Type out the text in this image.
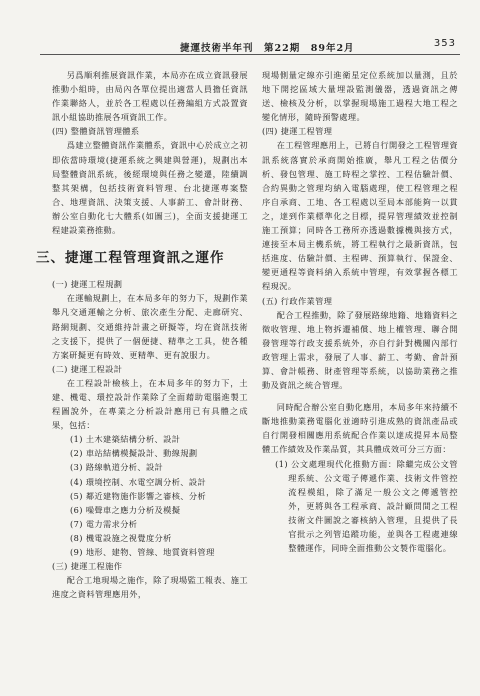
捷運技術半年刊　第22期　89年2月	353

另爲順利推展資訊作業，本局亦在成立資訊發展推動小組時，由局內各單位提出適當人員擔任資訊作業聯絡人，並於各工程處以任務編組方式設置資訊小組協助推展各項資訊工作。

(四) 整體資訊管理體系

爲建立整體資訊作業體系，資訊中心於成立之初即依當時環境(捷運系統之興建與營運)，規劃出本局整體資訊系統，後經環境與任務之變遷，陸續調整其架構，包括技術資料管理、台北捷運專案整合、地理資訊、決策支援、人事薪工、會計財務、辦公室自動化七大體系(如圖三)，全面支援捷運工程建設業務推動。

三、捷運工程管理資訊之運作

(一) 捷運工程規劃

在運輸規劃上，在本局多年的努力下，規劃作業舉凡交通運輸之分析、旅次產生分配、走廊研究、路網規劃、交通維持計畫之研擬等，均在資訊技術之支援下，提供了一個便捷、精準之工具，使各種方案研擬更有時效、更精準、更有說服力。

(二) 捷運工程設計

在工程設計檢核上，在本局多年的努力下，土建、機電、環控設計作業除了全面藉助電腦進製工程圖說外，在專業之分析設計應用已有具體之成果，包括：

(1) 土木建築結構分析、設計

(2) 車站結構模擬設計、動線規劃

(3) 路線軌道分析、設計

(4) 環境控制、水電空調分析、設計

(5) 鄰近建物施作影響之審核、分析

(6) 噪聲車之應力分析及模擬

(7) 電力需求分析

(8) 機電設施之視覺度分析

(9) 地形、建物、管線、地質資料管理

(三) 捷運工程施作

配合工地現場之施作，除了現場監工報表、施工進度之資料管理應用外，

現場側量定線亦引進衛星定位系統加以量測，且於地下開挖區域大量埋設監測儀器，透過資訊之傳送、檢核及分析，以掌握現場施工過程大地工程之變化情形，隨時預警處理。

(四) 捷運工程管理

在工程管理應用上，已將自行開發之工程管理資訊系統落實於承商開始推廣，舉凡工程之估價分析、發包管理、施工時程之掌控、工程估驗計價、合約異動之管理均納入電腦處理，使工程管理之程序自承商、工地、各工程處以至局本部能夠一以貫之，達到作業標準化之目標，提昇管理績效並控制施工預算；同時各工務所亦透過數據機與接方式，連接至本局主機系統，將工程執行之最新資訊，包括進度、估驗計價、主程碑、預算執行、保證金、變更通程等資料納入系統中管理，有效掌握各標工程現況。

(五) 行政作業管理

配合工程推動，除了發展路線地籍、地籍資料之徵收管理、地上物拆遷補償、地上權管理、聯合開發管理等行政支援系統外，亦自行針對機關內部行政管理上需求，發展了人事、薪工、考勤、會計預算、會計帳務、財產管理等系統，以協助業務之推動及資訊之統合管理。

同時配合辦公室自動化應用，本局多年來持續不斷地推動業務電腦化並適時引進成熟的資訊產品或自行開發相關應用系統配合作業以達成提昇本局整體工作績效及作業品質，其具體成效可分三方面：

(1) 公文處理現代化推動方面：除繼完成公文管理系統、公文電子傳遞作業、技術文件管控流程模組，除了滿足一般公文之傳遞管控外，更將與各工程承商、設計顧問間之工程技術文件圖說之審核納入管理，且提供了長官批示之列管追蹤功能，並與各工程處連線整體運作，同時全面推動公文製作電腦化。
